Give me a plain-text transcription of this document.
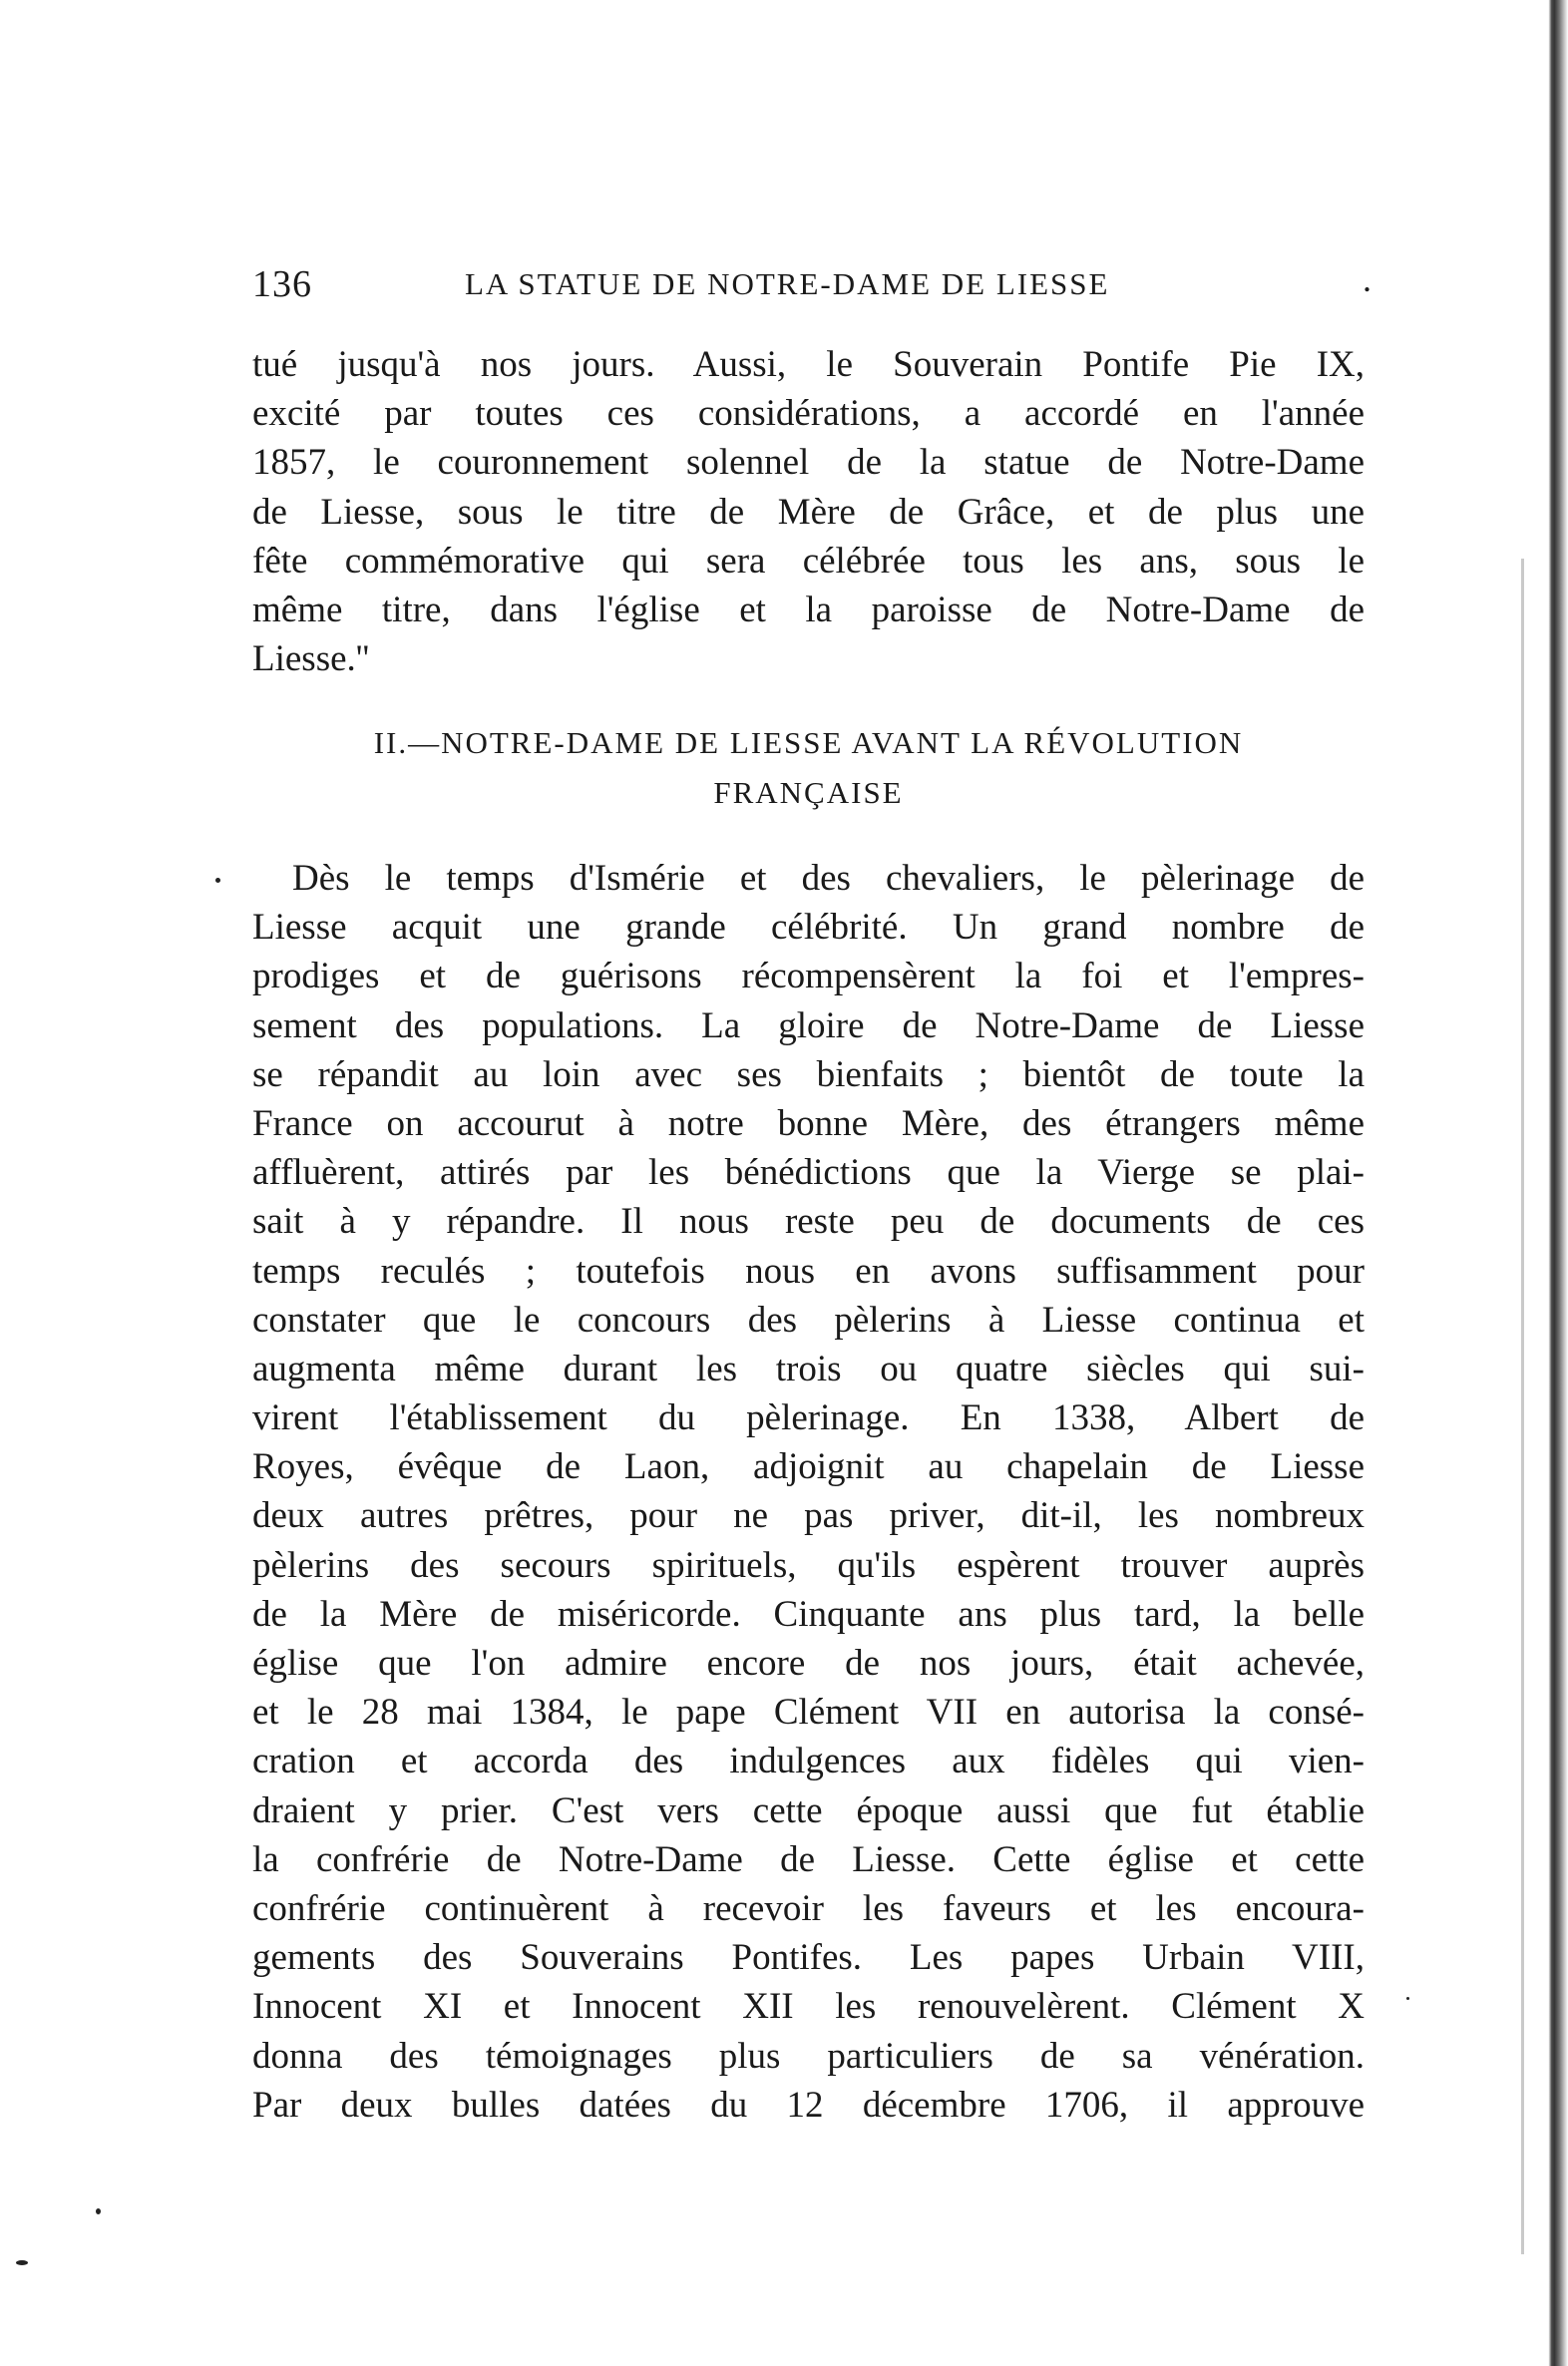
136	LA STATUE DE NOTRE-DAME DE LIESSE	.
tué jusqu'à nos jours. Aussi, le Souverain Pontife Pie IX,
excité par toutes ces considérations, a accordé en l'année
1857, le couronnement solennel de la statue de Notre-Dame
de Liesse, sous le titre de Mère de Grâce, et de plus une
fête commémorative qui sera célébrée tous les ans, sous le
même titre, dans l'église et la paroisse de Notre-Dame de
Liesse.''
II.—NOTRE-DAME DE LIESSE AVANT LA RÉVOLUTION
FRANÇAISE
Dès le temps d'Ismérie et des chevaliers, le pèlerinage de
Liesse acquit une grande célébrité. Un grand nombre de
prodiges et de guérisons récompensèrent la foi et l'empres-
sement des populations. La gloire de Notre-Dame de Liesse
se répandit au loin avec ses bienfaits ; bientôt de toute la
France on accourut à notre bonne Mère, des étrangers même
affluèrent, attirés par les bénédictions que la Vierge se plai-
sait à y répandre. Il nous reste peu de documents de ces
temps reculés ; toutefois nous en avons suffisamment pour
constater que le concours des pèlerins à Liesse continua et
augmenta même durant les trois ou quatre siècles qui sui-
virent l'établissement du pèlerinage. En 1338, Albert de
Royes, évêque de Laon, adjoignit au chapelain de Liesse
deux autres prêtres, pour ne pas priver, dit-il, les nombreux
pèlerins des secours spirituels, qu'ils espèrent trouver auprès
de la Mère de miséricorde. Cinquante ans plus tard, la belle
église que l'on admire encore de nos jours, était achevée,
et le 28 mai 1384, le pape Clément VII en autorisa la consé-
cration et accorda des indulgences aux fidèles qui vien-
draient y prier. C'est vers cette époque aussi que fut établie
la confrérie de Notre-Dame de Liesse. Cette église et cette
confrérie continuèrent à recevoir les faveurs et les encoura-
gements des Souverains Pontifes. Les papes Urbain VIII,
Innocent XI et Innocent XII les renouvelèrent. Clément X
donna des témoignages plus particuliers de sa vénération.
Par deux bulles datées du 12 décembre 1706, il approuve
